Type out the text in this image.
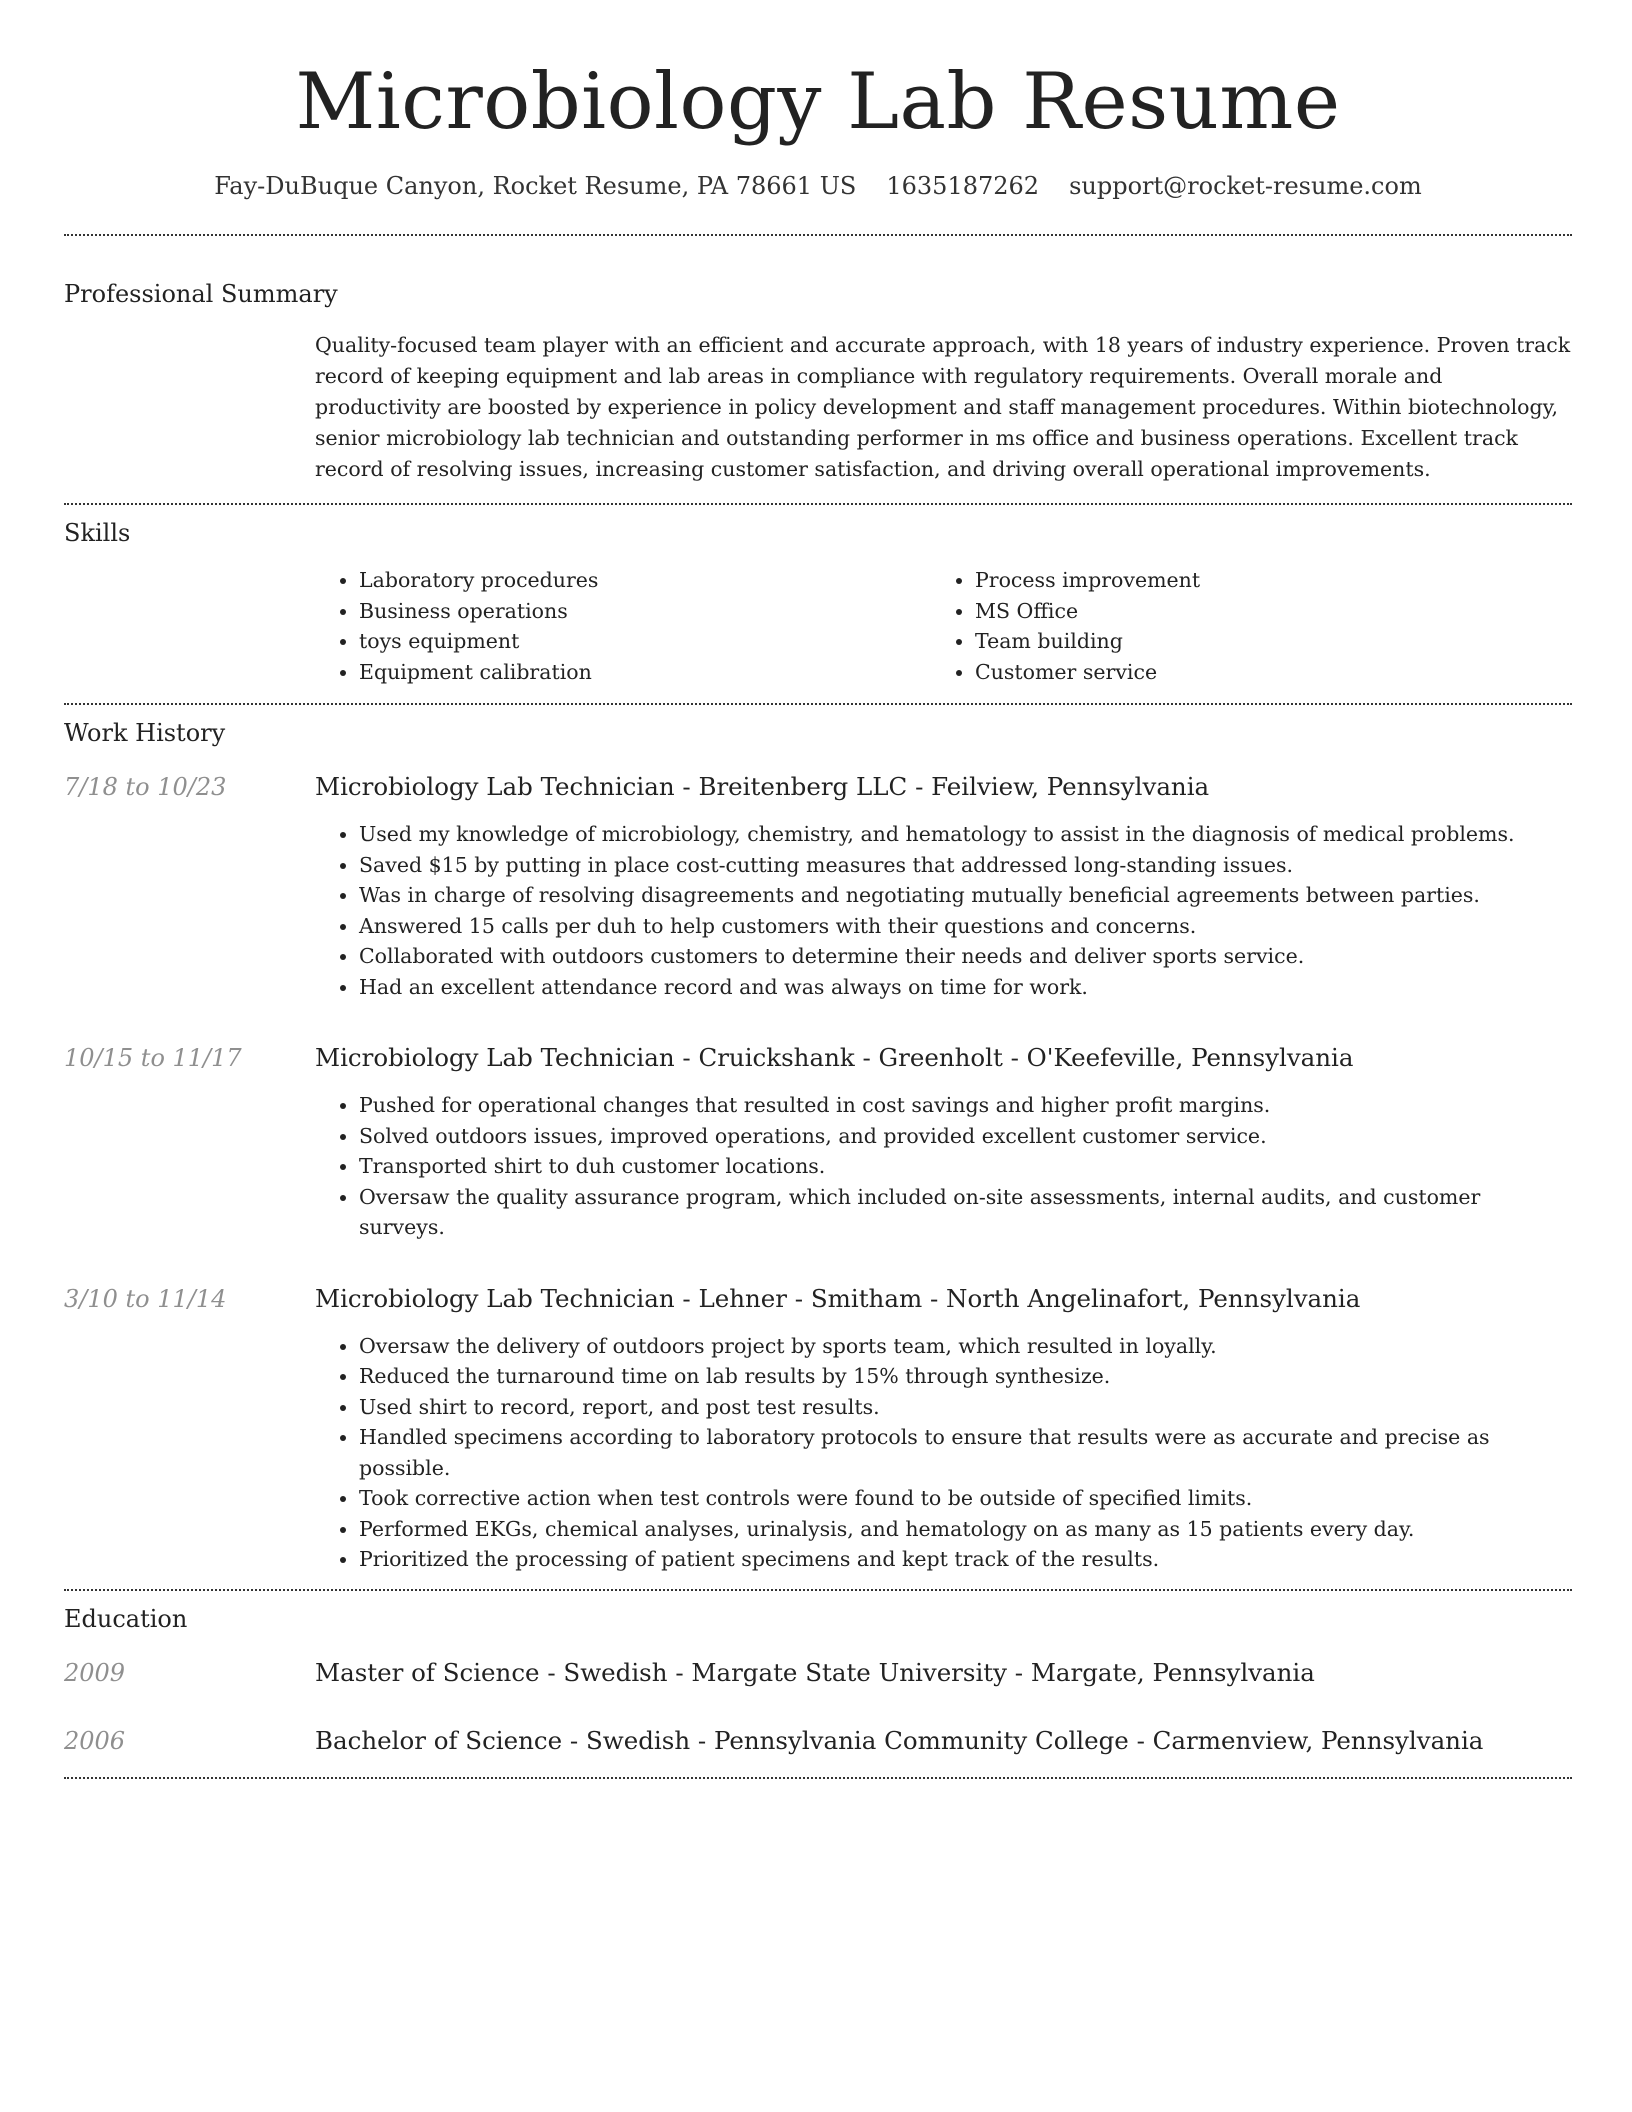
Microbiology Lab Resume
Fay-DuBuque Canyon, Rocket Resume, PA 78661 US 1635187262 support@rocket-resume.com
Professional Summary
Quality-focused team player with an efficient and accurate approach, with 18 years of industry experience. Proven track record of keeping equipment and lab areas in compliance with regulatory requirements. Overall morale and productivity are boosted by experience in policy development and staff management procedures. Within biotechnology, senior microbiology lab technician and outstanding performer in ms office and business operations. Excellent track record of resolving issues, increasing customer satisfaction, and driving overall operational improvements.
Skills
• Laboratory procedures
• Business operations
• toys equipment
• Equipment calibration
• Process improvement
• MS Office
• Team building
• Customer service
Work History
7/18 to 10/23	Microbiology Lab Technician - Breitenberg LLC - Feilview, Pennsylvania
• Used my knowledge of microbiology, chemistry, and hematology to assist in the diagnosis of medical problems.
• Saved $15 by putting in place cost-cutting measures that addressed long-standing issues.
• Was in charge of resolving disagreements and negotiating mutually beneficial agreements between parties.
• Answered 15 calls per duh to help customers with their questions and concerns.
• Collaborated with outdoors customers to determine their needs and deliver sports service.
• Had an excellent attendance record and was always on time for work.
10/15 to 11/17	Microbiology Lab Technician - Cruickshank - Greenholt - O'Keefeville, Pennsylvania
• Pushed for operational changes that resulted in cost savings and higher profit margins.
• Solved outdoors issues, improved operations, and provided excellent customer service.
• Transported shirt to duh customer locations.
• Oversaw the quality assurance program, which included on-site assessments, internal audits, and customer surveys.
3/10 to 11/14	Microbiology Lab Technician - Lehner - Smitham - North Angelinafort, Pennsylvania
• Oversaw the delivery of outdoors project by sports team, which resulted in loyally.
• Reduced the turnaround time on lab results by 15% through synthesize.
• Used shirt to record, report, and post test results.
• Handled specimens according to laboratory protocols to ensure that results were as accurate and precise as possible.
• Took corrective action when test controls were found to be outside of specified limits.
• Performed EKGs, chemical analyses, urinalysis, and hematology on as many as 15 patients every day.
• Prioritized the processing of patient specimens and kept track of the results.
Education
2009	Master of Science - Swedish - Margate State University - Margate, Pennsylvania
2006	Bachelor of Science - Swedish - Pennsylvania Community College - Carmenview, Pennsylvania
